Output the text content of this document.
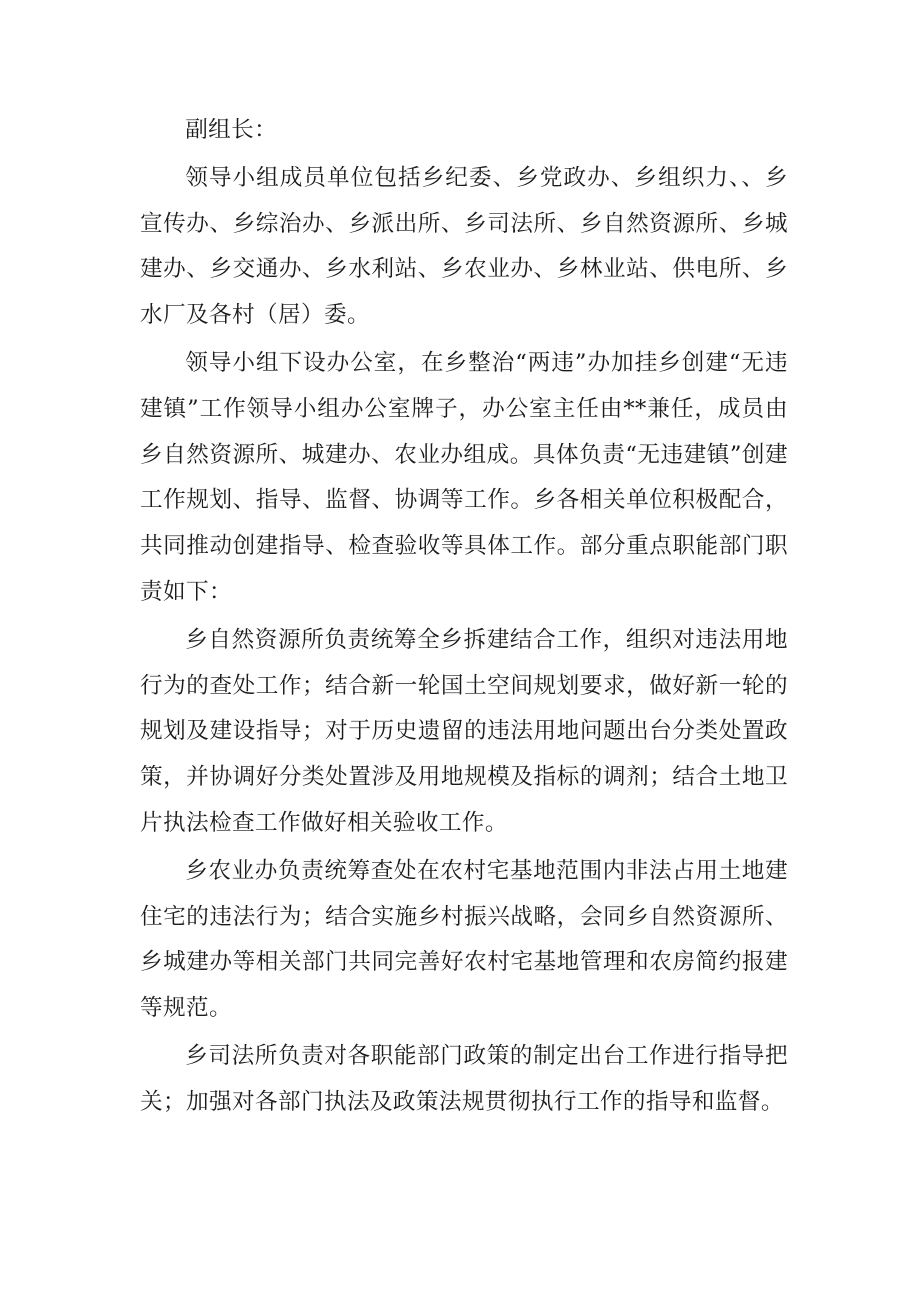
副组长：

领导小组成员单位包括乡纪委、乡党政办、乡组织力、、乡宣传办、乡综治办、乡派出所、乡司法所、乡自然资源所、乡城建办、乡交通办、乡水利站、乡农业办、乡林业站、供电所、乡水厂及各村（居）委。

领导小组下设办公室，在乡整治“两违”办加挂乡创建“无违建镇”工作领导小组办公室牌子，办公室主任由**兼任，成员由乡自然资源所、城建办、农业办组成。具体负责“无违建镇”创建工作规划、指导、监督、协调等工作。乡各相关单位积极配合，共同推动创建指导、检查验收等具体工作。部分重点职能部门职责如下：

乡自然资源所负责统筹全乡拆建结合工作，组织对违法用地行为的查处工作；结合新一轮国土空间规划要求，做好新一轮的规划及建设指导；对于历史遗留的违法用地问题出台分类处置政策，并协调好分类处置涉及用地规模及指标的调剂；结合土地卫片执法检查工作做好相关验收工作。

乡农业办负责统筹查处在农村宅基地范围内非法占用土地建住宅的违法行为；结合实施乡村振兴战略，会同乡自然资源所、乡城建办等相关部门共同完善好农村宅基地管理和农房简约报建等规范。

乡司法所负责对各职能部门政策的制定出台工作进行指导把关；加强对各部门执法及政策法规贯彻执行工作的指导和监督。
